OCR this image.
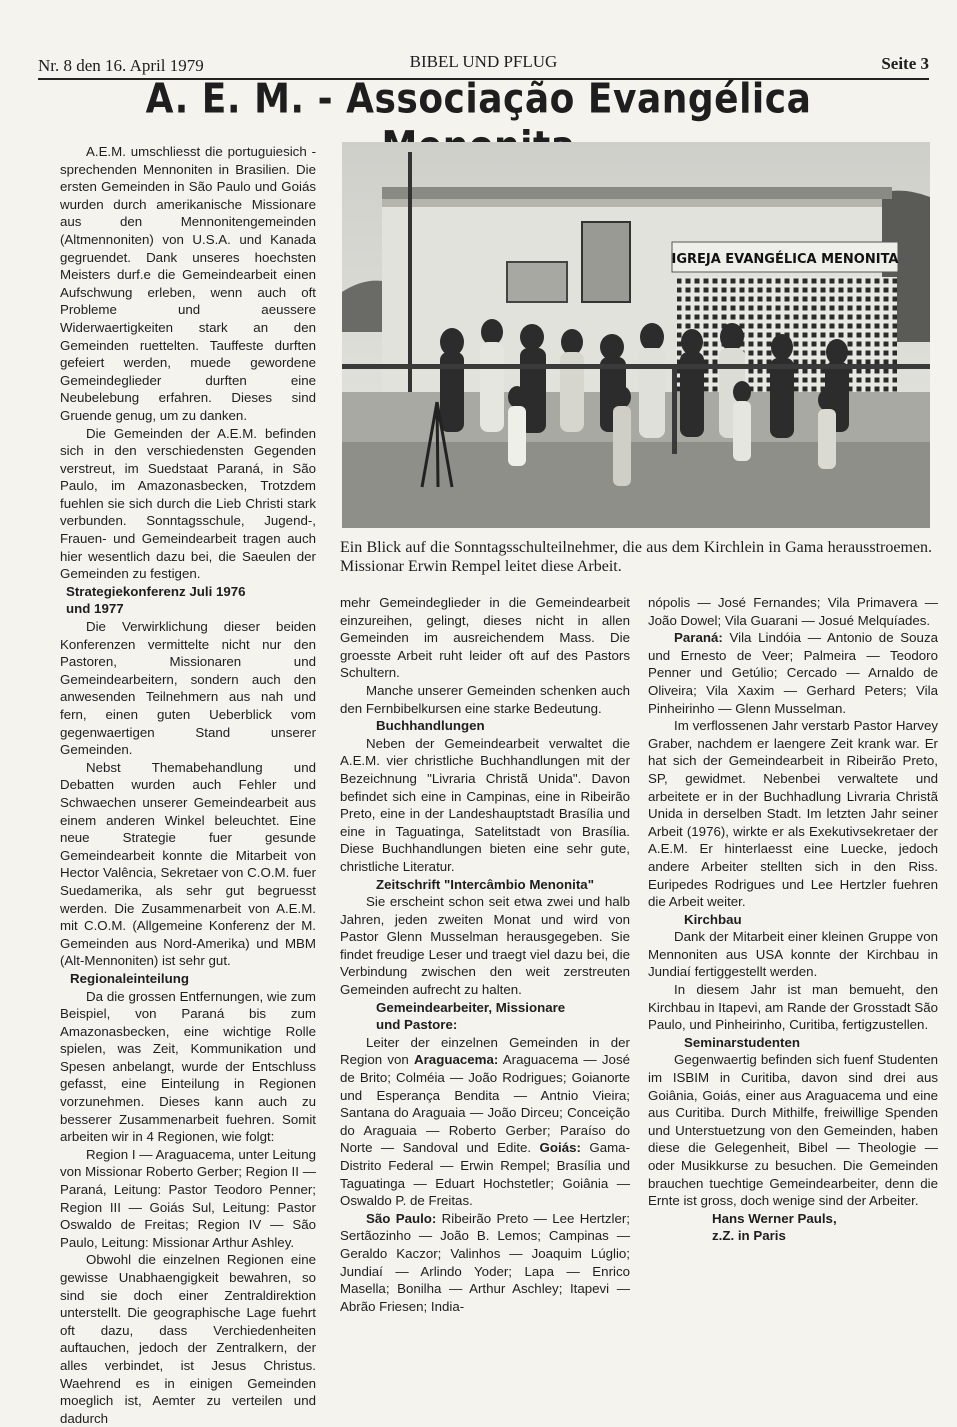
Nr. 8 den 16. April 1979	BIBEL UND PFLUG	Seite 3
A. E. M. - Associação Evangélica
IGREJA EVANGÉLICA MENONITA
Ein Blick auf die Sonntagsschulteilnehmer, die aus dem Kirchlein in Gama herausstroemen. Missionar Erwin Rempel leitet diese Arbeit.

A.E.M. umschliesst die portuguiesich -sprechenden Mennoniten in Brasilien. Die ersten Gemeinden in São Paulo und Goiás wurden durch amerikanische Missionare aus den Mennonitengemeinden (Altmennoniten) von U.S.A. und Kanada gegruendet. Dank unseres hoechsten Meisters durf.e die Gemeindearbeit einen Aufschwung erleben, wenn auch oft Probleme und aeussere Widerwaertigkeiten stark an den Gemeinden ruettelten. Tauffeste durften gefeiert werden, muede gewordene Gemeindeglieder durften eine Neubelebung erfahren. Dieses sind Gruende genug, um zu danken.

Die Gemeinden der A.E.M. befinden sich in den verschiedensten Gegenden verstreut, im Suedstaat Paraná, in São Paulo, im Amazonasbecken, Trotzdem fuehlen sie sich durch die Lieb Christi stark verbunden. Sonntagsschule, Jugend-, Frauen- und Gemeindearbeit tragen auch hier wesentlich dazu bei, die Saeulen der Gemeinden zu festigen.

Strategiekonferenz Juli 1976
und 1977

Die Verwirklichung dieser beiden Konferenzen vermittelte nicht nur den Pastoren, Missionaren und Gemeindearbeitern, sondern auch den anwesenden Teilnehmern aus nah und fern, einen guten Ueberblick vom gegenwaertigen Stand unserer Gemeinden.

Nebst Themabehandlung und Debatten wurden auch Fehler und Schwaechen unserer Gemeindearbeit aus einem anderen Winkel beleuchtet. Eine neue Strategie fuer gesunde Gemeindearbeit konnte die Mitarbeit von Hector Valência, Sekretaer von C.O.M. fuer Suedamerika, als sehr gut begruesst werden. Die Zusammenarbeit von A.E.M. mit C.O.M. (Allgemeine Konferenz der M. Gemeinden aus Nord-Amerika) und MBM (Alt-Mennoniten) ist sehr gut.

Regionaleinteilung

Da die grossen Entfernungen, wie zum Beispiel, von Paraná bis zum Amazonasbecken, eine wichtige Rolle spielen, was Zeit, Kommunikation und Spesen anbelangt, wurde der Entschluss gefasst, eine Einteilung in Regionen vorzunehmen. Dieses kann auch zu besserer Zusammenarbeit fuehren. Somit arbeiten wir in 4 Regionen, wie folgt:

Region I — Araguacema, unter Leitung von Missionar Roberto Gerber; Region II — Paraná, Leitung: Pastor Teodoro Penner; Region III — Goiás Sul, Leitung: Pastor Oswaldo de Freitas; Region IV — São Paulo, Leitung: Missionar Arthur Ashley.

Obwohl die einzelnen Regionen eine gewisse Unabhaengigkeit bewahren, so sind sie doch einer Zentraldirektion unterstellt. Die geographische Lage fuehrt oft dazu, dass Verchiedenheiten auftauchen, jedoch der Zentralkern, der alles verbindet, ist Jesus Christus. Waehrend es in einigen Gemeinden moeglich ist, Aemter zu verteilen und dadurch

mehr Gemeindeglieder in die Gemeindearbeit einzureihen, gelingt, dieses nicht in allen Gemeinden im ausreichendem Mass. Die groesste Arbeit ruht leider oft auf des Pastors Schultern.

Manche unserer Gemeinden schenken auch den Fernbibelkursen eine starke Bedeutung.

Buchhandlungen

Neben der Gemeindearbeit verwaltet die A.E.M. vier christliche Buchhandlungen mit der Bezeichnung "Livraria Christã Unida". Davon befindet sich eine in Campinas, eine in Ribeirão Preto, eine in der Landeshauptstadt Brasília und eine in Taguatinga, Satelitstadt von Brasília. Diese Buchhandlungen bieten eine sehr gute, christliche Literatur.

Zeitschrift "Intercâmbio Menonita"

Sie erscheint schon seit etwa zwei und halb Jahren, jeden zweiten Monat und wird von Pastor Glenn Musselman herausgegeben. Sie findet freudige Leser und traegt viel dazu bei, die Verbindung zwischen den weit zerstreuten Gemeinden aufrecht zu halten.

Gemeindearbeiter, Missionare
und Pastore:

Leiter der einzelnen Gemeinden in der Region von Araguacema: Araguacema — José de Brito; Colméia — João Rodrigues; Goianorte und Esperança Bendita — Antnio Vieira; Santana do Araguaia — João Dirceu; Conceição do Araguaia — Roberto Gerber; Paraíso do Norte — Sandoval und Edite. Goiás: Gama-Distrito Federal — Erwin Rempel; Brasília und Taguatinga — Eduart Hochstetler; Goiânia — Oswaldo P. de Freitas.

São Paulo: Ribeirão Preto — Lee Hertzler; Sertãozinho — João B. Lemos; Campinas — Geraldo Kaczor; Valinhos — Joaquim Lúglio; Jundiaí — Arlindo Yoder; Lapa — Enrico Masella; Bonilha — Arthur Aschley; Itapevi — Abrão Friesen; India-

nópolis — José Fernandes; Vila Primavera — João Dowel; Vila Guarani — Josué Melquíades.

Paraná: Vila Lindóia — Antonio de Souza und Ernesto de Veer; Palmeira — Teodoro Penner und Getúlio; Cercado — Arnaldo de Oliveira; Vila Xaxim — Gerhard Peters; Vila Pinheirinho — Glenn Musselman.

Im verflossenen Jahr verstarb Pastor Harvey Graber, nachdem er laengere Zeit krank war. Er hat sich der Gemeindearbeit in Ribeirão Preto, SP, gewidmet. Nebenbei verwaltete und arbeitete er in der Buchhadlung Livraria Christã Unida in derselben Stadt. Im letzten Jahr seiner Arbeit (1976), wirkte er als Exekutivsekretaer der A.E.M. Er hinterlaesst eine Luecke, jedoch andere Arbeiter stellten sich in den Riss. Euripedes Rodrigues und Lee Hertzler fuehren die Arbeit weiter.

Kirchbau

Dank der Mitarbeit einer kleinen Gruppe von Mennoniten aus USA konnte der Kirchbau in Jundiaí fertiggestellt werden.

In diesem Jahr ist man bemueht, den Kirchbau in Itapevi, am Rande der Grosstadt São Paulo, und Pinheirinho, Curitiba, fertigzustellen.

Seminarstudenten

Gegenwaertig befinden sich fuenf Studenten im ISBIM in Curitiba, davon sind drei aus Goiânia, Goiás, einer aus Araguacema und eine aus Curitiba. Durch Mithilfe, freiwillige Spenden und Unterstuetzung von den Gemeinden, haben diese die Gelegenheit, Bibel — Theologie — oder Musikkurse zu besuchen. Die Gemeinden brauchen tuechtige Gemeindearbeiter, denn die Ernte ist gross, doch wenige sind der Arbeiter.

Hans Werner Pauls,

z.Z. in Paris
